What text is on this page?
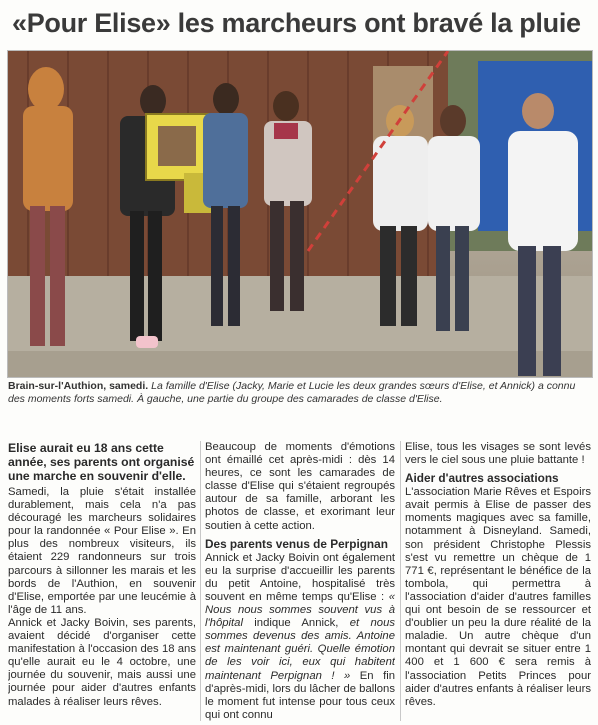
«Pour Elise» les marcheurs ont bravé la pluie
Brain-sur-l'Authion, samedi. La famille d'Elise (Jacky, Marie et Lucie les deux grandes sœurs d'Elise, et Annick) a connu des moments forts samedi. À gauche, une partie du groupe des camarades de classe d'Elise.

Elise aurait eu 18 ans cette année, ses parents ont organisé une marche en souvenir d'elle.

Samedi, la pluie s'était installée durablement, mais cela n'a pas découragé les marcheurs solidaires pour la randonnée « Pour Elise ». En plus des nombreux visiteurs, ils étaient 229 randonneurs sur trois parcours à sillonner les marais et les bords de l'Authion, en souvenir d'Elise, emportée par une leucémie à l'âge de 11 ans.

Annick et Jacky Boivin, ses parents, avaient décidé d'organiser cette manifestation à l'occasion des 18 ans qu'elle aurait eu le 4 octobre, une journée du souvenir, mais aussi une journée pour aider d'autres enfants malades à réaliser leurs rêves.

Beaucoup de moments d'émotions ont émaillé cet après-midi : dès 14 heures, ce sont les camarades de classe d'Elise qui s'étaient regroupés autour de sa famille, arborant les photos de classe, et exorimant leur soutien à cette action.

Des parents venus de Perpignan

Annick et Jacky Boivin ont également eu la surprise d'accueillir les parents du petit Antoine, hospitalisé très souvent en même temps qu'Elise : « Nous nous sommes souvent vus à l'hôpital indique Annick, et nous sommes devenus des amis. Antoine est maintenant guéri. Quelle émotion de les voir ici, eux qui habitent maintenant Perpignan ! » En fin d'après-midi, lors du lâcher de ballons le moment fut intense pour tous ceux qui ont connu

Elise, tous les visages se sont levés vers le ciel sous une pluie battante !

Aider d'autres associations

L'association Marie Rêves et Espoirs avait permis à Elise de passer des moments magiques avec sa famille, notamment à Disneyland. Samedi, son président Christophe Plessis s'est vu remettre un chèque de 1 771 €, représentant le bénéfice de la tombola, qui permettra à l'association d'aider d'autres familles qui ont besoin de se ressourcer et d'oublier un peu la dure réalité de la maladie. Un autre chèque d'un montant qui devrait se situer entre 1 400 et 1 600 € sera remis à l'association Petits Princes pour aider d'autres enfants à réaliser leurs rêves.
